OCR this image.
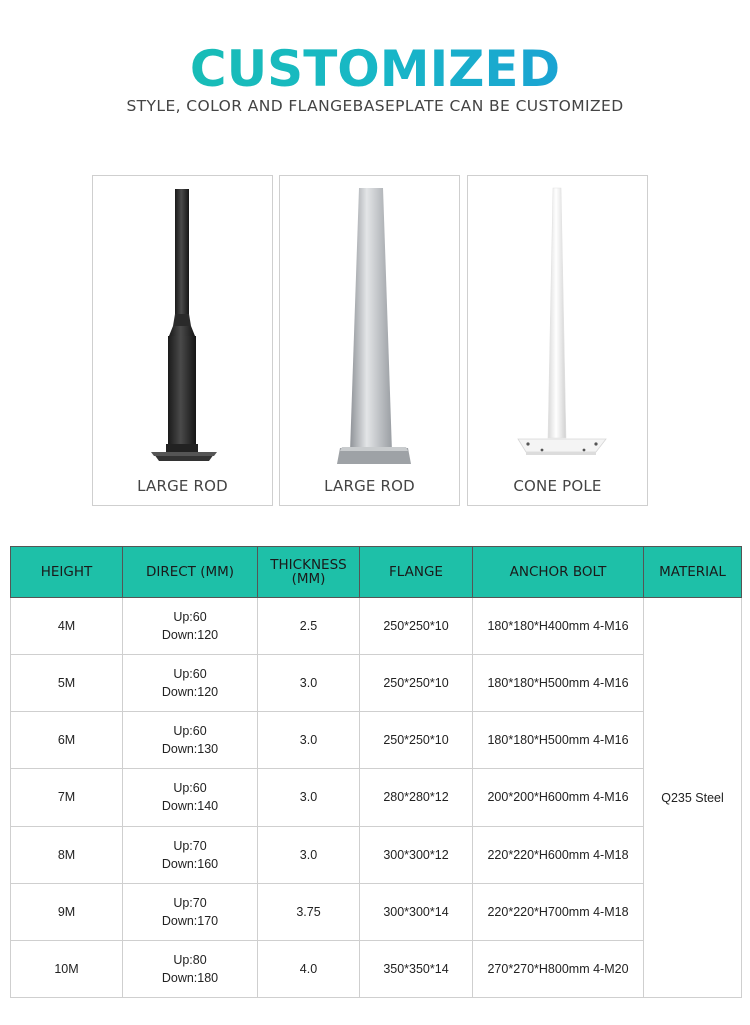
CUSTOMIZED
STYLE, COLOR AND FLANGEBASEPLATE CAN BE CUSTOMIZED
LARGE ROD	LARGE ROD	CONE POLE
HEIGHT	DIRECT (MM)	THICKNESS (MM)	FLANGE	ANCHOR BOLT	MATERIAL
4M	Up:60
Down:120	2.5	250*250*10	180*180*H400mm 4-M16	Q235 Steel
5M	Up:60
Down:120	3.0	250*250*10	180*180*H500mm 4-M16	
6M	Up:60
Down:130	3.0	250*250*10	180*180*H500mm 4-M16	
7M	Up:60
Down:140	3.0	280*280*12	200*200*H600mm 4-M16	
8M	Up:70
Down:160	3.0	300*300*12	220*220*H600mm 4-M18	
9M	Up:70
Down:170	3.75	300*300*14	220*220*H700mm 4-M18	
10M	Up:80
Down:180	4.0	350*350*14	270*270*H800mm 4-M20	
